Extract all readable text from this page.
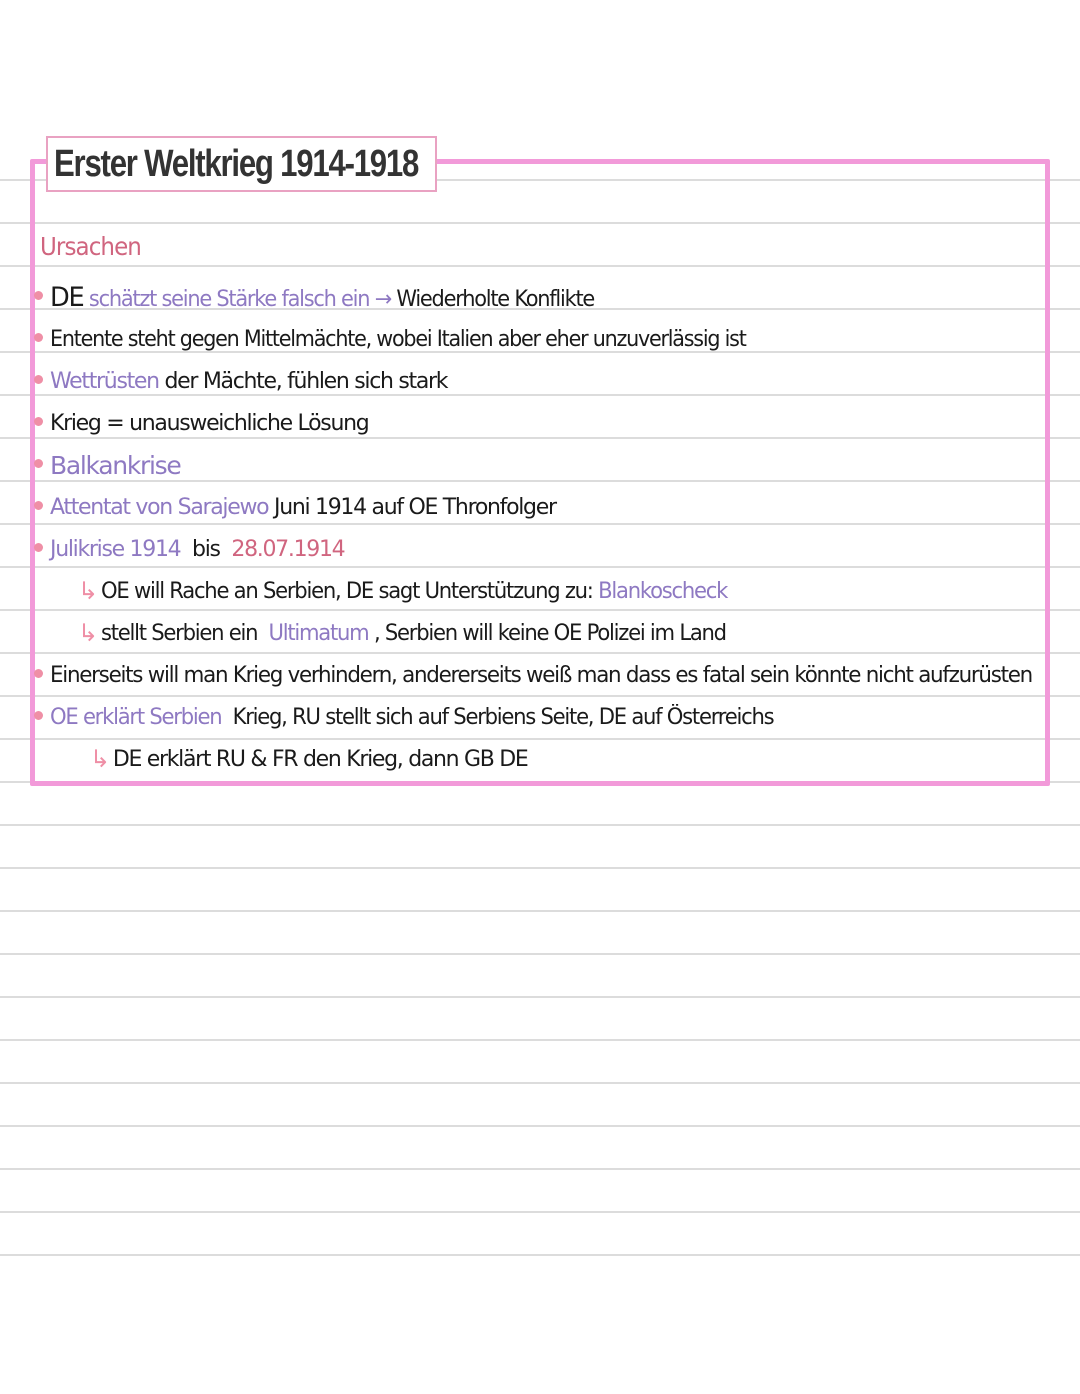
Erster Weltkrieg 1914-1918
Ursachen
DE schätzt seine Stärke falsch ein → Wiederholte Konflikte
Entente steht gegen Mittelmächte, wobei Italien aber eher unzuverlässig ist
Wettrüsten der Mächte, fühlen sich stark
Krieg = unausweichliche Lösung
Balkankrise
Attentat von Sarajewo Juni 1914 auf OE Thronfolger
Julikrise 1914 bis 28.07.1914
↳ OE will Rache an Serbien, DE sagt Unterstützung zu: Blankoscheck
↳ stellt Serbien ein Ultimatum , Serbien will keine OE Polizei im Land
Einerseits will man Krieg verhindern, andererseits weiß man dass es fatal sein könnte nicht aufzurüsten
OE erklärt Serbien Krieg, RU stellt sich auf Serbiens Seite, DE auf Österreichs
↳ DE erklärt RU & FR den Krieg, dann GB DE
